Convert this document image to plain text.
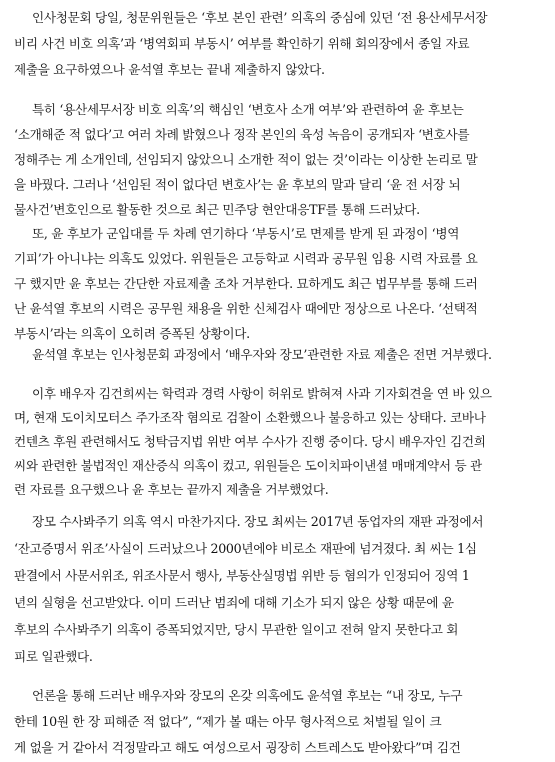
인사청문회 당일, 청문위원들은 ‘후보 본인 관련’ 의혹의 중심에 있던 ‘전 용산세무서장
비리 사건 비호 의혹’과 ‘병역회피 부동시’ 여부를 확인하기 위해 회의장에서 종일 자료
제출을 요구하였으나 윤석열 후보는 끝내 제출하지 않았다.
특히 ‘용산세무서장 비호 의혹’의 핵심인 ‘변호사 소개 여부’와 관련하여 윤 후보는
‘소개해준 적 없다’고 여러 차례 밝혔으나 정작 본인의 육성 녹음이 공개되자 ‘변호사를
정해주는 게 소개인데, 선임되지 않았으니 소개한 적이 없는 것’이라는 이상한 논리로 말
을 바꿨다. 그러나 ‘선임된 적이 없다던 변호사’는 윤 후보의 말과 달리 ‘윤 전 서장 뇌
물사건’변호인으로 활동한 것으로 최근 민주당 현안대응TF를 통해 드러났다.
또, 윤 후보가 군입대를 두 차례 연기하다 ‘부동시’로 면제를 받게 된 과정이 ‘병역
기피’가 아니냐는 의혹도 있었다. 위원들은 고등학교 시력과 공무원 임용 시력 자료를 요
구 했지만 윤 후보는 간단한 자료제출 조차 거부한다. 묘하게도 최근 법무부를 통해 드러
난 윤석열 후보의 시력은 공무원 채용을 위한 신체검사 때에만 정상으로 나온다. ‘선택적
부동시’라는 의혹이 오히려 증폭된 상황이다.
윤석열 후보는 인사청문회 과정에서 ‘배우자와 장모’관련한 자료 제출은 전면 거부했다.
이후 배우자 김건희씨는 학력과 경력 사항이 허위로 밝혀져 사과 기자회견을 연 바 있으
며, 현재 도이치모터스 주가조작 혐의로 검찰이 소환했으나 불응하고 있는 상태다. 코바나
컨텐츠 후원 관련해서도 청탁금지법 위반 여부 수사가 진행 중이다. 당시 배우자인 김건희
씨와 관련한 불법적인 재산증식 의혹이 컸고, 위원들은 도이치파이낸셜 매매계약서 등 관
련 자료를 요구했으나 윤 후보는 끝까지 제출을 거부했었다.
장모 수사봐주기 의혹 역시 마찬가지다. 장모 최씨는 2017년 동업자의 재판 과정에서
‘잔고증명서 위조’사실이 드러났으나 2000년에야 비로소 재판에 넘겨졌다. 최 씨는 1심
판결에서 사문서위조, 위조사문서 행사, 부동산실명법 위반 등 혐의가 인정되어 징역 1
년의 실형을 선고받았다. 이미 드러난 범죄에 대해 기소가 되지 않은 상황 때문에 윤
후보의 수사봐주기 의혹이 증폭되었지만, 당시 무관한 일이고 전혀 알지 못한다고 회
피로 일관했다.
언론을 통해 드러난 배우자와 장모의 온갖 의혹에도 윤석열 후보는 “내 장모, 누구
한테 10원 한 장 피해준 적 없다”, “제가 볼 때는 아무 형사적으로 처벌될 일이 크
게 없을 거 같아서 걱정말라고 해도 여성으로서 굉장히 스트레스도 받아왔다”며 김건
